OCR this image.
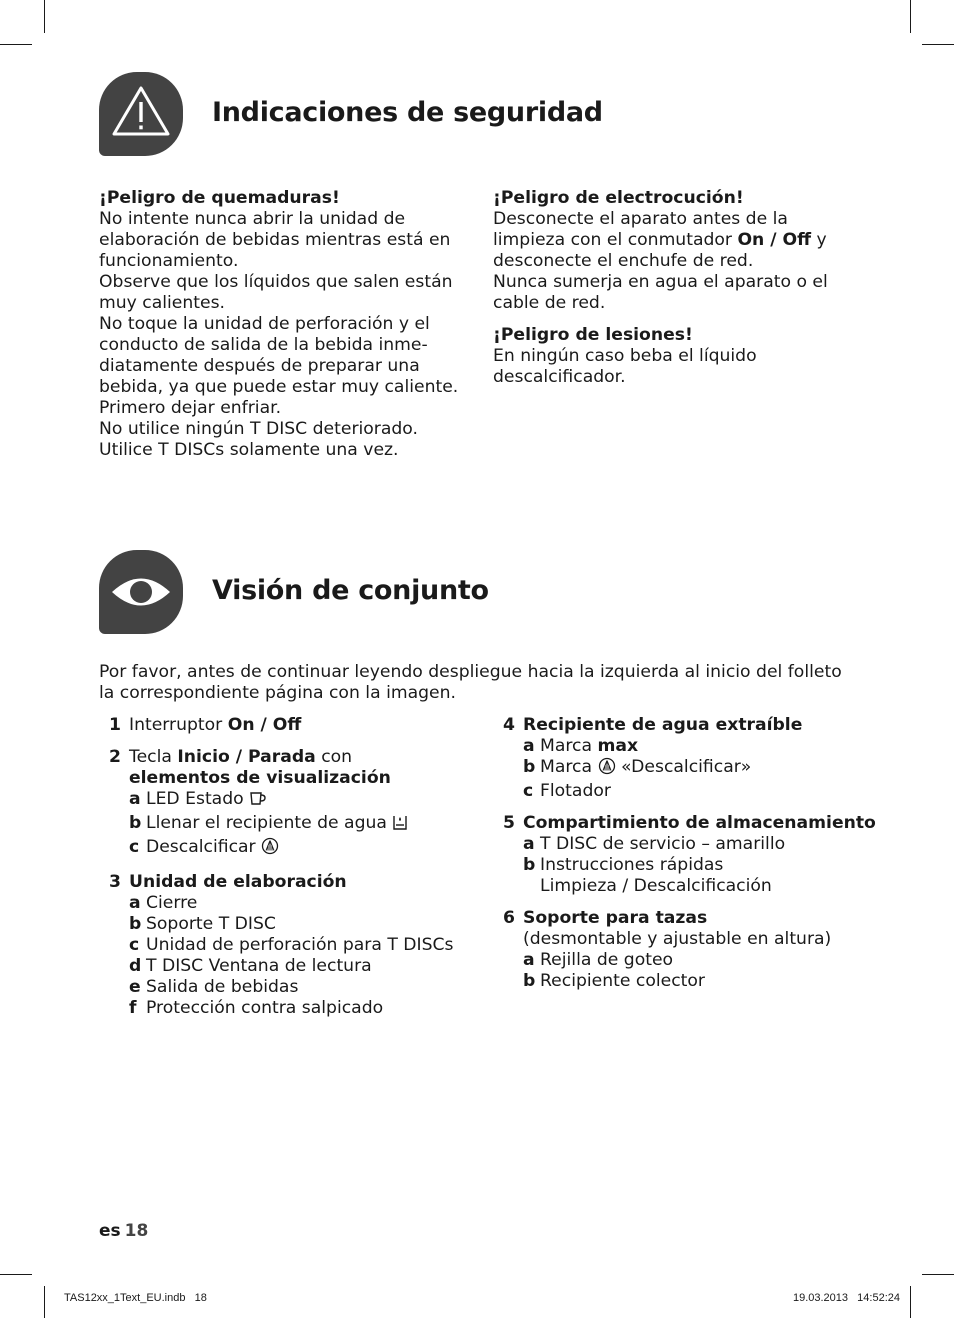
Indicaciones de seguridad

¡Peligro de quemaduras!

No intente nunca abrir la unidad de

elaboración de bebidas mientras está en

funcionamiento.

Observe que los líquidos que salen están

muy calientes.

No toque la unidad de perforación y el

conducto de salida de la bebida inme-

diatamente después de preparar una

bebida, ya que puede estar muy caliente.

Primero dejar enfriar.

No utilice ningún T DISC deteriorado.

Utilice T DISCs solamente una vez.

¡Peligro de electrocución!

Desconecte el aparato antes de la

limpieza con el conmutador On / Off y

desconecte el enchufe de red.

Nunca sumerja en agua el aparato o el

cable de red.

¡Peligro de lesiones!

En ningún caso beba el líquido

descalcificador.

Visión de conjunto

Por favor, antes de continuar leyendo despliegue hacia la izquierda al inicio del folleto

la correspondiente página con la imagen.

1 Interruptor On / Off

2 Tecla Inicio / Parada con

elementos de visualización

a LED Estado
b Llenar el recipiente de agua
c Descalcificar
3 Unidad de elaboración

a Cierre
b Soporte T DISC
c Unidad de perforación para T DISCs
d T DISC Ventana de lectura
e Salida de bebidas
f Protección contra salpicado
4 Recipiente de agua extraíble

a Marca max
b Marca  «Descalcificar»
c Flotador
5 Compartimiento de almacenamiento

a T DISC de servicio – amarillo
b Instrucciones rápidas
Limpieza / Descalcificación
6 Soporte para tazas

(desmontable y ajustable en altura)

a Rejilla de goteo
b Recipiente colector
es 18
TAS12xx_1Text_EU.indb   18	19.03.2013   14:52:24
